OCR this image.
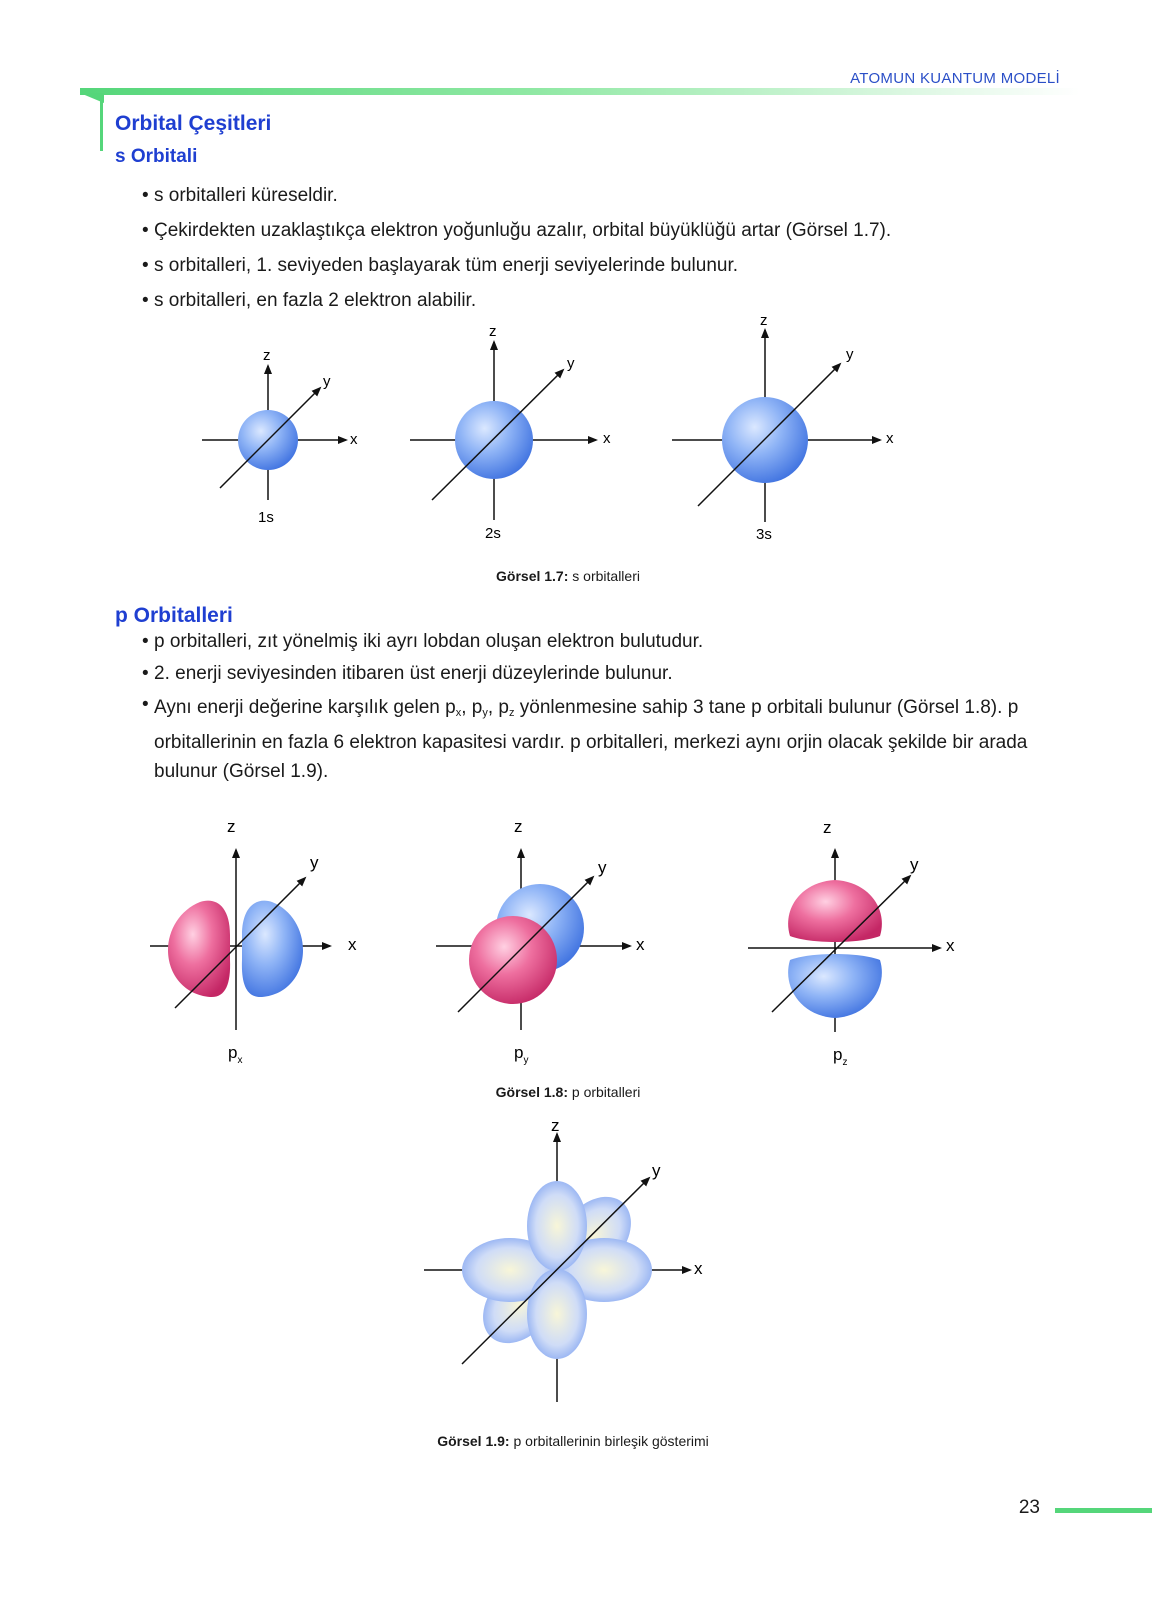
ATOMUN KUANTUM MODELİ
Orbital Çeşitleri
s Orbitali
• s orbitalleri küreseldir.
• Çekirdekten uzaklaştıkça elektron yoğunluğu azalır, orbital büyüklüğü artar (Görsel 1.7).
• s orbitalleri, 1. seviyeden başlayarak tüm enerji seviyelerinde bulunur.
• s orbitalleri, en fazla 2 elektron alabilir.
x
z
y
1s
x
z
y
2s
x
z
y
3s
Görsel 1.7: s orbitalleri
p Orbitalleri
• p orbitalleri, zıt yönelmiş iki ayrı lobdan oluşan elektron bulutudur.
• 2. enerji seviyesinden itibaren üst enerji düzeylerinde bulunur.
• Aynı enerji değerine karşılık gelen $p_x$, $p_y$, $p_z$ yönlenmesine sahip 3 tane p orbitali bulunur (Görsel 1.8). p orbitallerinin en fazla 6 elektron kapasitesi vardır. p orbitalleri, merkezi aynı orjin olacak şekilde bir arada bulunur (Görsel 1.9).
x
z
y
$p_x$
x
z
y
$p_y$
x
z
y
$p_z$
Görsel 1.8: p orbitalleri
x
z
y
Görsel 1.9: p orbitallerinin birleşik gösterimi
23
